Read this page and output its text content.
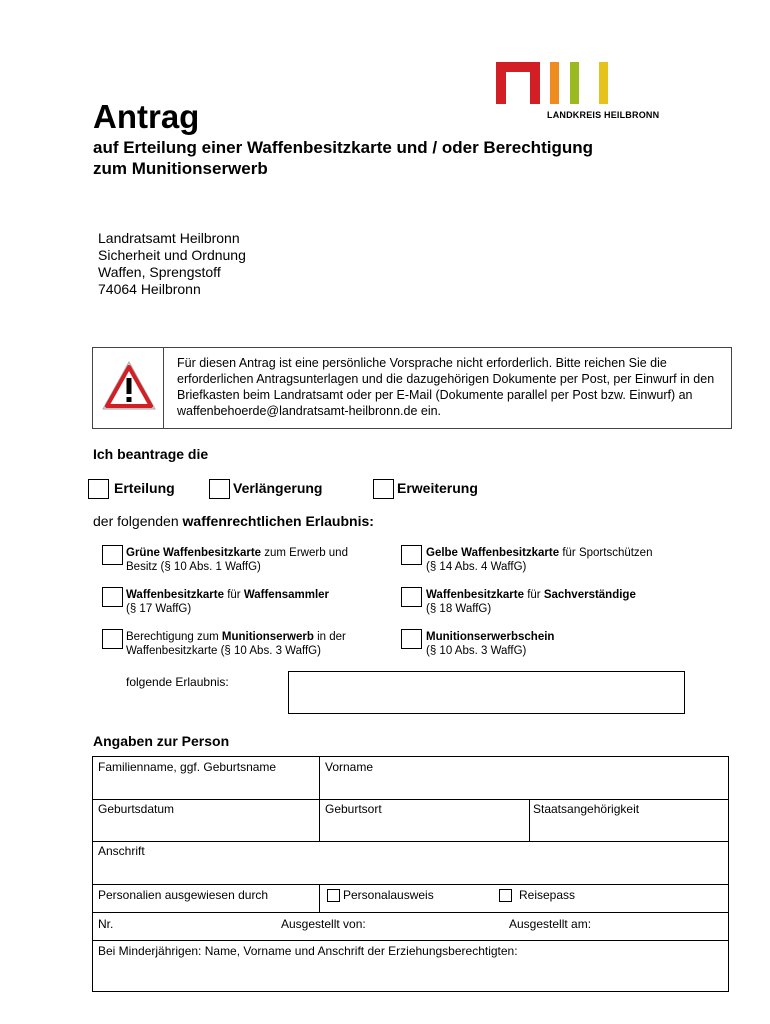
LANDKREIS HEILBRONN
Antrag
auf Erteilung einer Waffenbesitzkarte und / oder Berechtigung zum Munitionserwerb
Landratsamt Heilbronn
Sicherheit und Ordnung
Waffen, Sprengstoff
74064 Heilbronn
Für diesen Antrag ist eine persönliche Vorsprache nicht erforderlich. Bitte reichen Sie die erforderlichen Antragsunterlagen und die dazugehörigen Dokumente per Post, per Einwurf in den Briefkasten beim Landratsamt oder per E-Mail (Dokumente parallel per Post bzw. Einwurf) an waffenbehoerde@landratsamt-heilbronn.de ein.
Ich beantrage die
Erteilung	Verlängerung	Erweiterung
der folgenden waffenrechtlichen Erlaubnis:
Grüne Waffenbesitzkarte zum Erwerb und
Besitz (§ 10 Abs. 1 WaffG)
Gelbe Waffenbesitzkarte für Sportschützen
(§ 14 Abs. 4 WaffG)
Waffenbesitzkarte für Waffensammler
(§ 17 WaffG)
Waffenbesitzkarte für Sachverständige
(§ 18 WaffG)
Berechtigung zum Munitionserwerb in der
Waffenbesitzkarte (§ 10 Abs. 3 WaffG)
Munitionserwerbschein
(§ 10 Abs. 3 WaffG)
folgende Erlaubnis:
Angaben zur Person
Familienname, ggf. Geburtsname	Vorname
Geburtsdatum	Geburtsort	Staatsangehörigkeit
Anschrift
Personalien ausgewiesen durch	Personalausweis	Reisepass
Nr.	Ausgestellt von:	Ausgestellt am:
Bei Minderjährigen: Name, Vorname und Anschrift der Erziehungsberechtigten:
